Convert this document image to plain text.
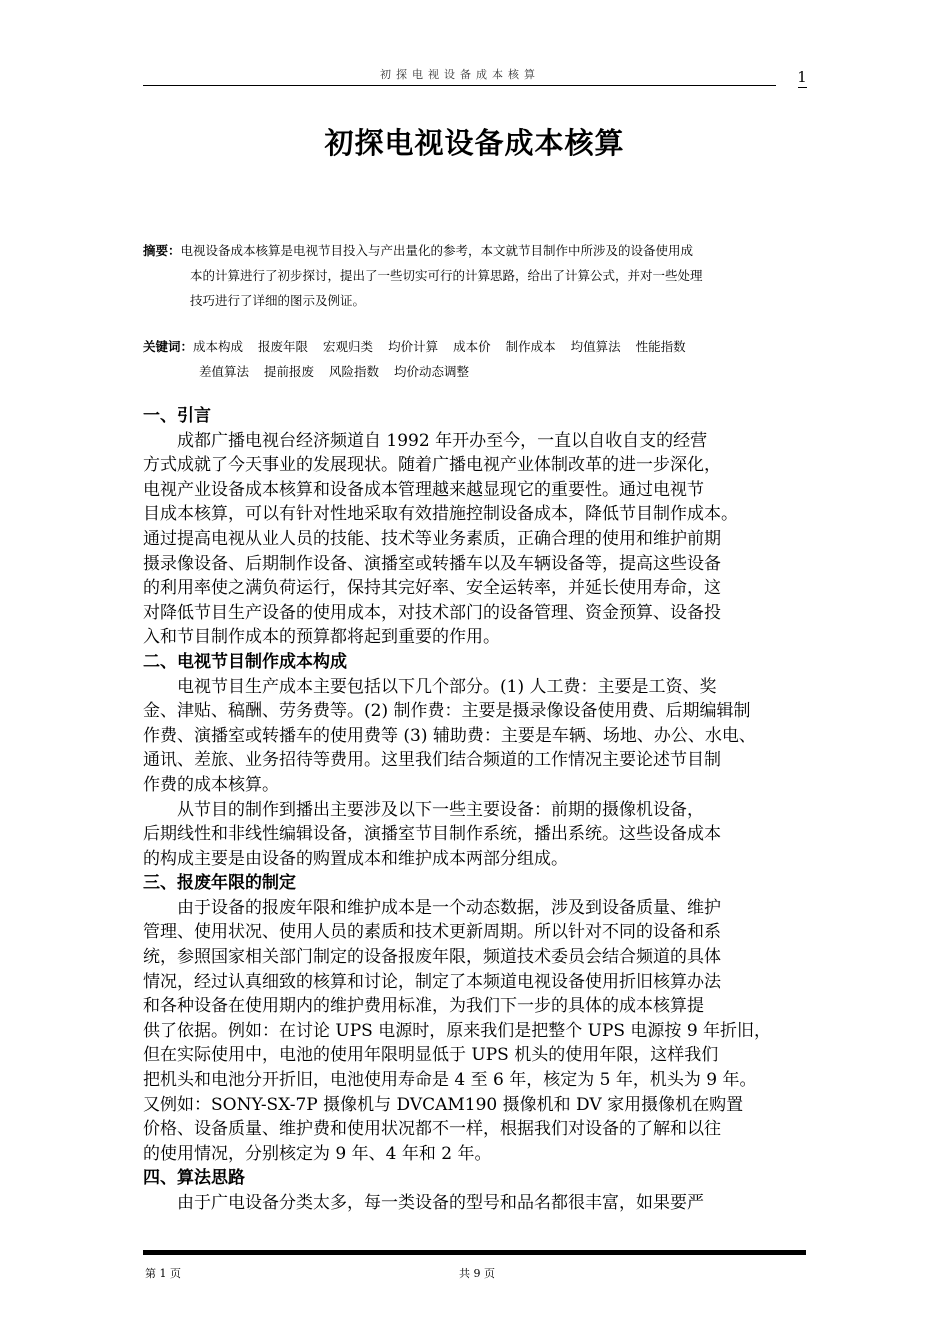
初探电视设备成本核算	1
初探电视设备成本核算
摘要：电视设备成本核算是电视节目投入与产出量化的参考，本文就节目制作中所涉及的设备使用成
本的计算进行了初步探讨，提出了一些切实可行的计算思路，给出了计算公式，并对一些处理
技巧进行了详细的图示及例证。
关键词：成本构成 报废年限 宏观归类 均价计算 成本价 制作成本 均值算法 性能指数
差值算法 提前报废 风险指数 均价动态调整
一、引言
　　成都广播电视台经济频道自 1992 年开办至今，一直以自收自支的经营
方式成就了今天事业的发展现状。随着广播电视产业体制改革的进一步深化，
电视产业设备成本核算和设备成本管理越来越显现它的重要性。通过电视节
目成本核算，可以有针对性地采取有效措施控制设备成本，降低节目制作成本。
通过提高电视从业人员的技能、技术等业务素质，正确合理的使用和维护前期
摄录像设备、后期制作设备、演播室或转播车以及车辆设备等，提高这些设备
的利用率使之满负荷运行，保持其完好率、安全运转率，并延长使用寿命，这
对降低节目生产设备的使用成本，对技术部门的设备管理、资金预算、设备投
入和节目制作成本的预算都将起到重要的作用。
二、电视节目制作成本构成
　　电视节目生产成本主要包括以下几个部分。(1) 人工费：主要是工资、奖
金、津贴、稿酬、劳务费等。(2) 制作费：主要是摄录像设备使用费、后期编辑制
作费、演播室或转播车的使用费等 (3) 辅助费：主要是车辆、场地、办公、水电、
通讯、差旅、业务招待等费用。这里我们结合频道的工作情况主要论述节目制
作费的成本核算。
　　从节目的制作到播出主要涉及以下一些主要设备：前期的摄像机设备，
后期线性和非线性编辑设备，演播室节目制作系统，播出系统。这些设备成本
的构成主要是由设备的购置成本和维护成本两部分组成。
三、报废年限的制定
　　由于设备的报废年限和维护成本是一个动态数据，涉及到设备质量、维护
管理、使用状况、使用人员的素质和技术更新周期。所以针对不同的设备和系
统，参照国家相关部门制定的设备报废年限，频道技术委员会结合频道的具体
情况，经过认真细致的核算和讨论，制定了本频道电视设备使用折旧核算办法
和各种设备在使用期内的维护费用标准，为我们下一步的具体的成本核算提
供了依据。例如：在讨论 UPS 电源时，原来我们是把整个 UPS 电源按 9 年折旧，
但在实际使用中，电池的使用年限明显低于 UPS 机头的使用年限，这样我们
把机头和电池分开折旧，电池使用寿命是 4 至 6 年，核定为 5 年，机头为 9 年。
又例如：SONY-SX-7P 摄像机与 DVCAM190 摄像机和 DV 家用摄像机在购置
价格、设备质量、维护费和使用状况都不一样，根据我们对设备的了解和以往
的使用情况，分别核定为 9 年、4 年和 2 年。
四、算法思路
　　由于广电设备分类太多，每一类设备的型号和品名都很丰富，如果要严
第 1 页	共 9 页
